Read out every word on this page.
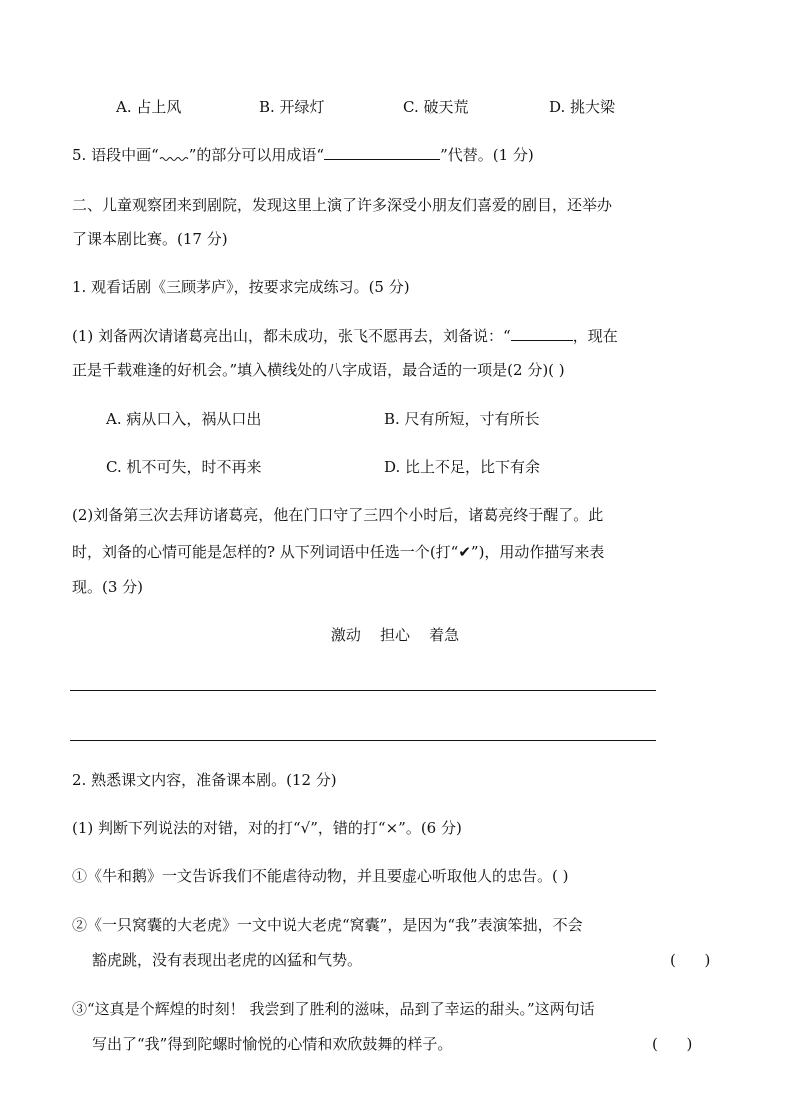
A. 占上风	B. 开绿灯	C. 破天荒	D. 挑大梁
5. 语段中画“ ”的部分可以用成语“	”代替。(1 分)
二、儿童观察团来到剧院，发现这里上演了许多深受小朋友们喜爱的剧目，还举办
了课本剧比赛。(17 分)
1. 观看话剧《三顾茅庐》，按要求完成练习。(5 分)
(1) 刘备两次请诸葛亮出山，都未成功，张飞不愿再去，刘备说：“	，现在
正是千载难逢的好机会。”填入横线处的八字成语，最合适的一项是(2 分)( )
A. 病从口入，祸从口出	B. 尺有所短，寸有所长
C. 机不可失，时不再来	D. 比上不足，比下有余
(2)刘备第三次去拜访诸葛亮，他在门口守了三四个小时后，诸葛亮终于醒了。此
时，刘备的心情可能是怎样的? 从下列词语中任选一个(打“✔”)，用动作描写来表
现。(3 分)
激动    担心    着急
2. 熟悉课文内容，准备课本剧。(12 分)
(1) 判断下列说法的对错，对的打“√”，错的打“×”。(6 分)
①《牛和鹅》一文告诉我们不能虐待动物，并且要虚心听取他人的忠告。( )
②《一只窝囊的大老虎》一文中说大老虎“窝囊”，是因为“我”表演笨拙，不会
豁虎跳，没有表现出老虎的凶猛和气势。	(      )
③“这真是个辉煌的时刻！ 我尝到了胜利的滋味，品到了幸运的甜头。”这两句话
写出了“我”得到陀螺时愉悦的心情和欢欣鼓舞的样子。	(      )
